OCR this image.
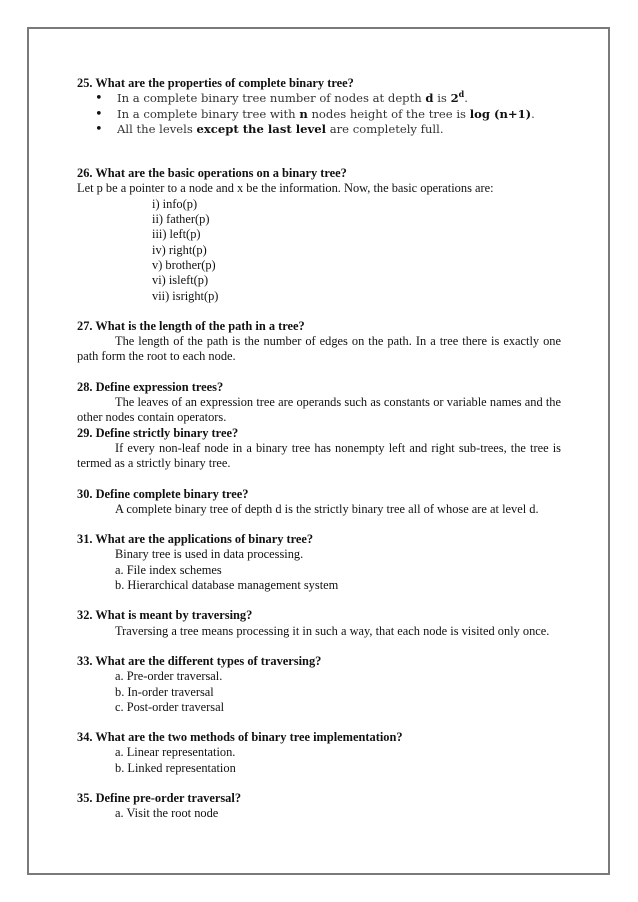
25. What are the properties of complete binary tree?

• In a complete binary tree number of nodes at depth d is 2$^d$.
• In a complete binary tree with n nodes height of the tree is log (n+1).
• All the levels except the last level are completely full.

26. What are the basic operations on a binary tree?

Let p be a pointer to a node and x be the information. Now, the basic operations are:

i) info(p)

ii) father(p)

iii) left(p)

iv) right(p)

v) brother(p)

vi) isleft(p)

vii) isright(p)

27. What is the length of the path in a tree?

The length of the path is the number of edges on the path. In a tree there is exactly one path form the root to each node.

28. Define expression trees?

The leaves of an expression tree are operands such as constants or variable names and the other nodes contain operators.

29. Define strictly binary tree?

If every non-leaf node in a binary tree has nonempty left and right sub-trees, the tree is termed as a strictly binary tree.

30. Define complete binary tree?

A complete binary tree of depth d is the strictly binary tree all of whose are at level d.

31. What are the applications of binary tree?

Binary tree is used in data processing.

a. File index schemes

b. Hierarchical database management system

32. What is meant by traversing?

Traversing a tree means processing it in such a way, that each node is visited only once.

33. What are the different types of traversing?

a. Pre-order traversal.

b. In-order traversal

c. Post-order traversal

34. What are the two methods of binary tree implementation?

a. Linear representation.

b. Linked representation

35. Define pre-order traversal?

a. Visit the root node
